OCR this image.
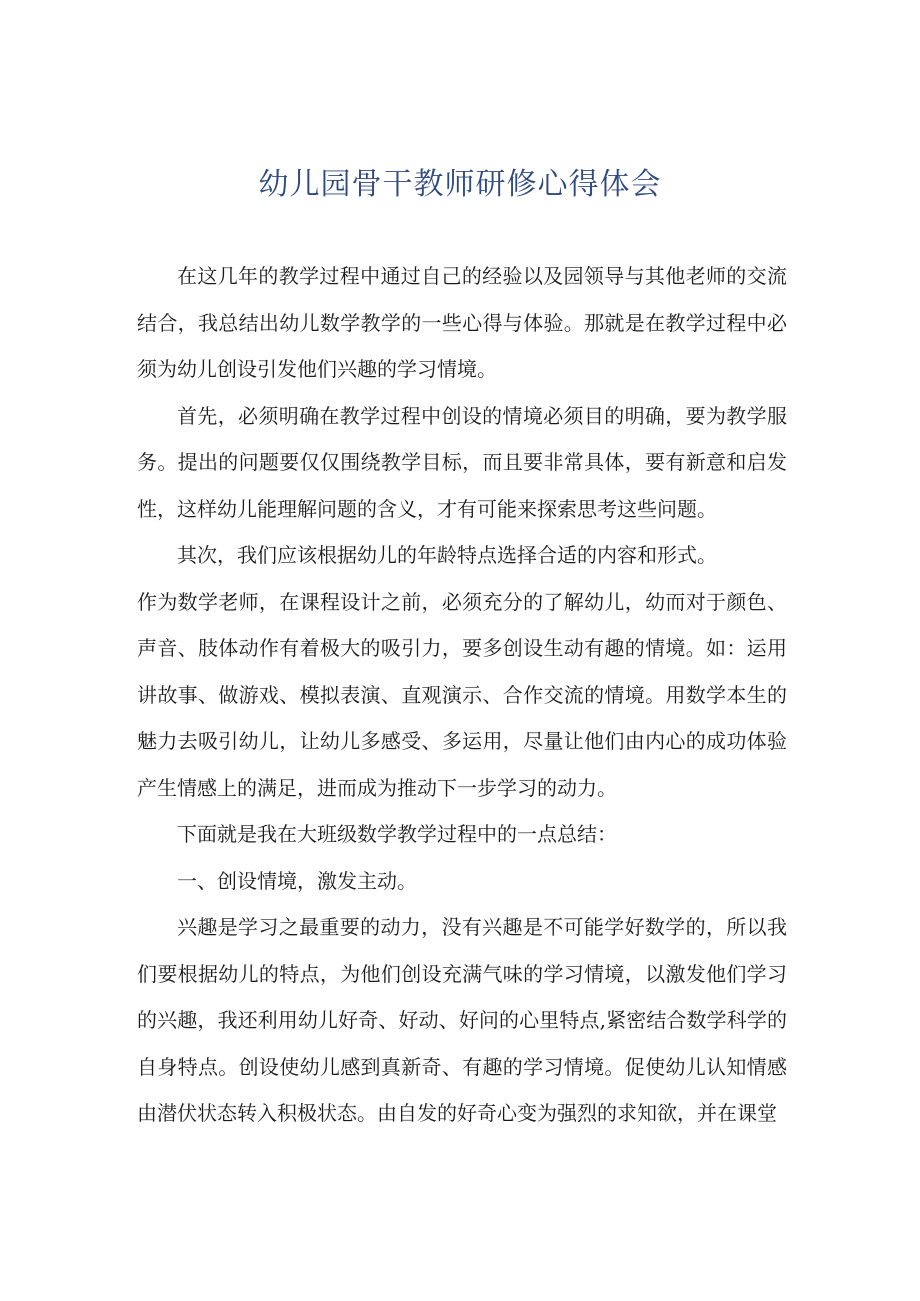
幼儿园骨干教师研修心得体会

在这几年的教学过程中通过自己的经验以及园领导与其他老师的交流结合，我总结出幼儿数学教学的一些心得与体验。那就是在教学过程中必须为幼儿创设引发他们兴趣的学习情境。

首先，必须明确在教学过程中创设的情境必须目的明确，要为教学服务。提出的问题要仅仅围绕教学目标，而且要非常具体，要有新意和启发性，这样幼儿能理解问题的含义，才有可能来探索思考这些问题。

其次，我们应该根据幼儿的年龄特点选择合适的内容和形式。

作为数学老师，在课程设计之前，必须充分的了解幼儿，幼而对于颜色、声音、肢体动作有着极大的吸引力，要多创设生动有趣的情境。如：运用讲故事、做游戏、模拟表演、直观演示、合作交流的情境。用数学本生的魅力去吸引幼儿，让幼儿多感受、多运用，尽量让他们由内心的成功体验产生情感上的满足，进而成为推动下一步学习的动力。

下面就是我在大班级数学教学过程中的一点总结：

一、创设情境，激发主动。

兴趣是学习之最重要的动力，没有兴趣是不可能学好数学的，所以我们要根据幼儿的特点，为他们创设充满气味的学习情境，以激发他们学习的兴趣，我还利用幼儿好奇、好动、好问的心里特点,紧密结合数学科学的自身特点。创设使幼儿感到真新奇、有趣的学习情境。促使幼儿认知情感由潜伏状态转入积极状态。由自发的好奇心变为强烈的求知欲，并在课堂
